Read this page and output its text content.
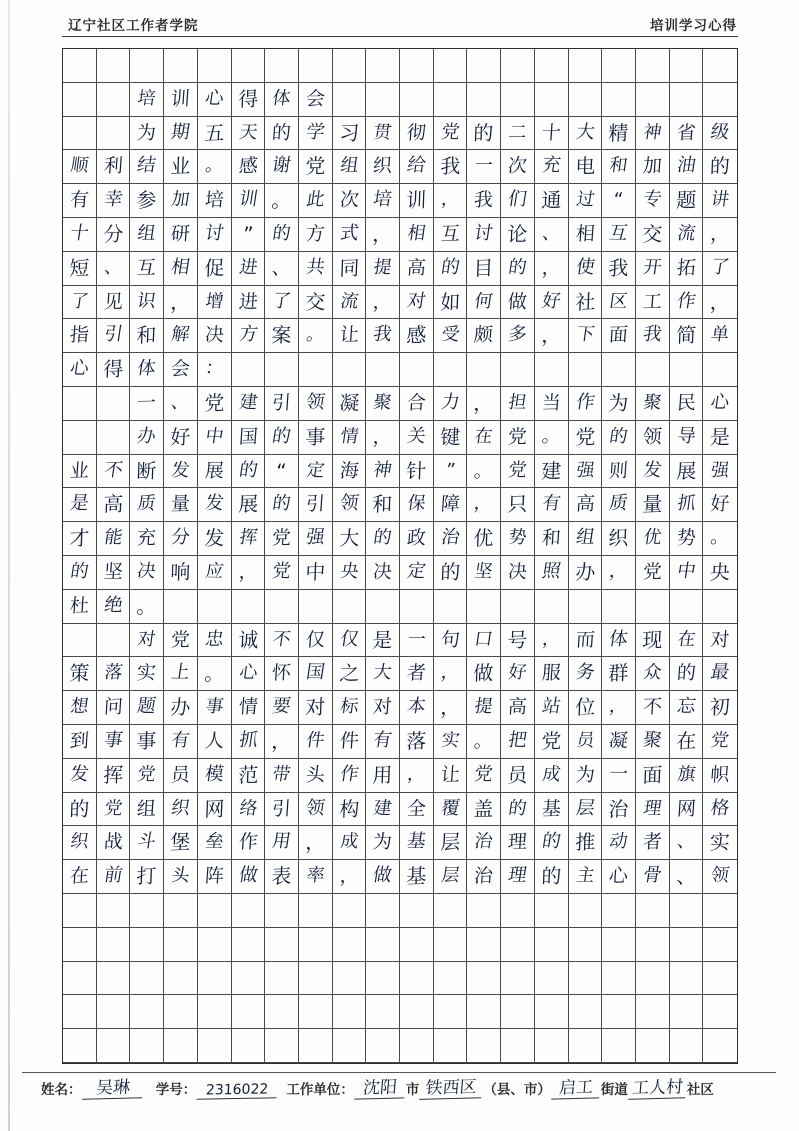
辽宁社区工作者学院	培训学习心得
培 训 心 得 体 会
为 期 五 天 的 学 习 贯 彻 党 的 二 十 大 精 神 省 级
顺 利 结 业 。 感 谢 党 组 织 给 我 一 次 充 电 和 加 油 的
有 幸 参 加 培 训 。 此 次 培 训 ， 我 们 通 过 “ 专 题 讲
十 分 组 研 讨 ” 的 方 式 ， 相 互 讨 论 、 相 互 交 流 ，
短 、 互 相 促 进 、 共 同 提 高 的 目 的 ， 使 我 开 拓 了
了 见 识 ， 增 进 了 交 流 ， 对 如 何 做 好 社 区 工 作 ，
指 引 和 解 决 方 案 。 让 我 感 受 颇 多 ， 下 面 我 简 单
心 得 体 会 ：
一 、 党 建 引 领 凝 聚 合 力 ， 担 当 作 为 聚 民 心
办 好 中 国 的 事 情 ， 关 键 在 党 。 党 的 领 导 是
业 不 断 发 展 的 “ 定 海 神 针 ” 。 党 建 强 则 发 展 强
是 高 质 量 发 展 的 引 领 和 保 障 ， 只 有 高 质 量 抓 好
才 能 充 分 发 挥 党 强 大 的 政 治 优 势 和 组 织 优 势 。
的 坚 决 响 应 ， 党 中 央 决 定 的 坚 决 照 办 ， 党 中 央
杜 绝 。
对 党 忠 诚 不 仅 仅 是 一 句 口 号 ， 而 体 现 在 对
策 落 实 上 。 心 怀 国 之 大 者 ， 做 好 服 务 群 众 的 最
想 问 题 办 事 情 要 对 标 对 本 ， 提 高 站 位 ， 不 忘 初
到 事 事 有 人 抓 ， 件 件 有 落 实 。 把 党 员 凝 聚 在 党
发 挥 党 员 模 范 带 头 作 用 ， 让 党 员 成 为 一 面 旗 帜
的 党 组 织 网 络 引 领 构 建 全 覆 盖 的 基 层 治 理 网 格
织 战 斗 堡 垒 作 用 ， 成 为 基 层 治 理 的 推 动 者 、 实
在 前 打 头 阵 做 表 率 ， 做 基 层 治 理 的 主 心 骨 、 领
姓名： 吴琳
	学号： 2316022
	工作单位： 沈阳 市 铁西区 （县、市） 启工 街道 工人村 社区
